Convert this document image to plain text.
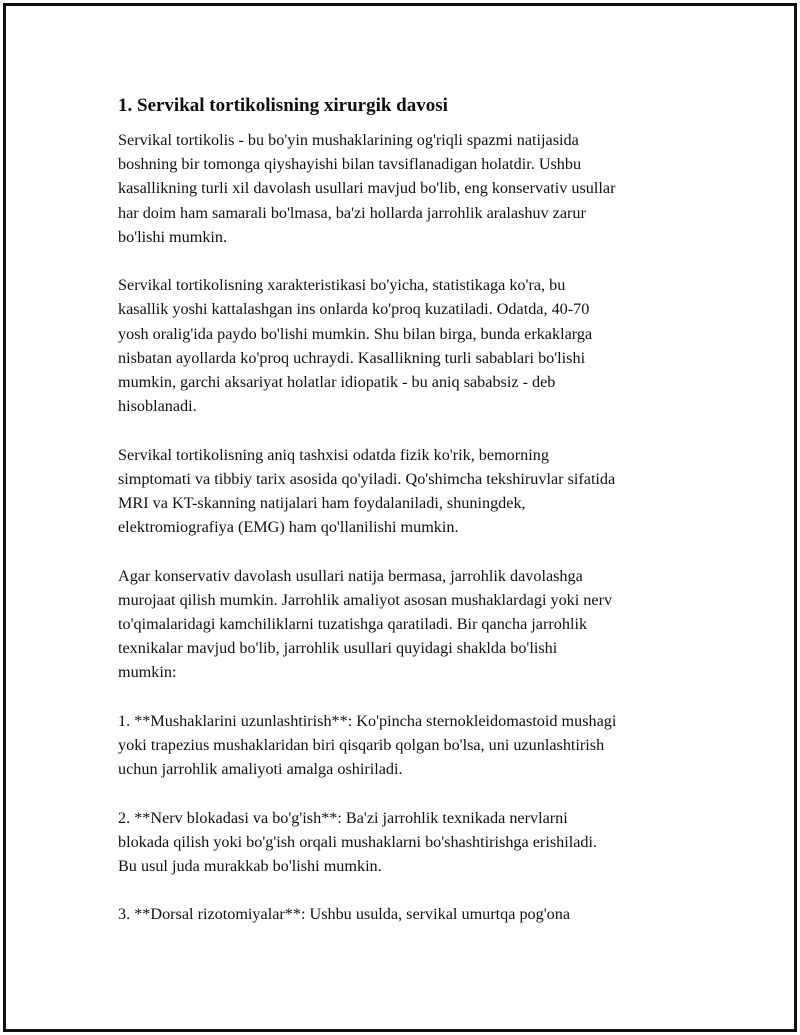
1. Servikal tortikolisning xirurgik davosi
Servikal tortikolis - bu bo'yin mushaklarining og'riqli spazmi natijasida
boshning bir tomonga qiyshayishi bilan tavsiflanadigan holatdir. Ushbu
kasallikning turli xil davolash usullari mavjud bo'lib, eng konservativ usullar
har doim ham samarali bo'lmasa, ba'zi hollarda jarrohlik aralashuv zarur
bo'lishi mumkin.
Servikal tortikolisning xarakteristikasi bo'yicha, statistikaga ko'ra, bu
kasallik yoshi kattalashgan ins onlarda ko'proq kuzatiladi. Odatda, 40-70
yosh oralig'ida paydo bo'lishi mumkin. Shu bilan birga, bunda erkaklarga
nisbatan ayollarda ko'proq uchraydi. Kasallikning turli sabablari bo'lishi
mumkin, garchi aksariyat holatlar idiopatik - bu aniq sababsiz - deb
hisoblanadi.
Servikal tortikolisning aniq tashxisi odatda fizik ko'rik, bemorning
simptomati va tibbiy tarix asosida qo'yiladi. Qo'shimcha tekshiruvlar sifatida
MRI va KT-skanning natijalari ham foydalaniladi, shuningdek,
elektromiografiya (EMG) ham qo'llanilishi mumkin.
Agar konservativ davolash usullari natija bermasa, jarrohlik davolashga
murojaat qilish mumkin. Jarrohlik amaliyot asosan mushaklardagi yoki nerv
to'qimalaridagi kamchiliklarni tuzatishga qaratiladi. Bir qancha jarrohlik
texnikalar mavjud bo'lib, jarrohlik usullari quyidagi shaklda bo'lishi
mumkin:
1. **Mushaklarini uzunlashtirish**: Ko'pincha sternokleidomastoid mushagi
yoki trapezius mushaklaridan biri qisqarib qolgan bo'lsa, uni uzunlashtirish
uchun jarrohlik amaliyoti amalga oshiriladi.
2. **Nerv blokadasi va bo'g'ish**: Ba'zi jarrohlik texnikada nervlarni
blokada qilish yoki bo'g'ish orqali mushaklarni bo'shashtirishga erishiladi.
Bu usul juda murakkab bo'lishi mumkin.
3. **Dorsal rizotomiyalar**: Ushbu usulda, servikal umurtqa pog'ona
